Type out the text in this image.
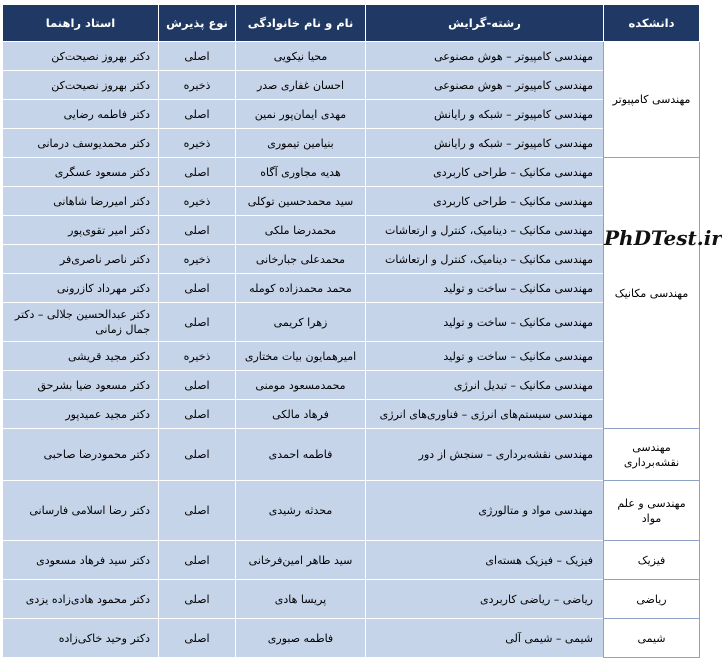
دانشکده	رشته-گرایش	نام و نام خانوادگی	نوع پذیرش	استاد راهنما
مهندسی کامپیوتر	مهندسی کامپیوتر – هوش مصنوعی	محیا نیکویی	اصلی	دکتر بهروز نصیحت‌کن
	مهندسی کامپیوتر – هوش مصنوعی	احسان غفاری صدر	ذخیره	دکتر بهروز نصیحت‌کن
	مهندسی کامپیوتر – شبکه و رایانش	مهدی ایمان‌پور نمین	اصلی	دکتر فاطمه رضایی
	مهندسی کامپیوتر – شبکه و رایانش	بنیامین تیموری	ذخیره	دکتر محمدیوسف درمانی
مهندسی مکانیک	مهندسی مکانیک – طراحی کاربردی	هدیه مجاوری آگاه	اصلی	دکتر مسعود عسگری
	مهندسی مکانیک – طراحی کاربردی	سید محمدحسین توکلی	ذخیره	دکتر امیررضا شاهانی
	مهندسی مکانیک – دینامیک، کنترل و ارتعاشات	محمدرضا ملکی	اصلی	دکتر امیر تقوی‌پور
	مهندسی مکانیک – دینامیک، کنترل و ارتعاشات	محمدعلی جبارخانی	ذخیره	دکتر ناصر ناصری‌فر
	مهندسی مکانیک – ساخت و تولید	محمد محمدزاده کومله	اصلی	دکتر مهرداد کازرونی
	مهندسی مکانیک – ساخت و تولید	زهرا کریمی	اصلی	دکتر عبدالحسین جلالی – دکتر جمال زمانی
	مهندسی مکانیک – ساخت و تولید	امیرهمایون بیات مختاری	ذخیره	دکتر مجید قریشی
	مهندسی مکانیک – تبدیل انرژی	محمدمسعود مومنی	اصلی	دکتر مسعود ضیا بشرحق
	مهندسی سیستم‌های انرژی – فناوری‌های انرژی	فرهاد مالکی	اصلی	دکتر مجید عمیدپور
مهندسی نقشه‌برداری	مهندسی نقشه‌برداری – سنجش از دور	فاطمه احمدی	اصلی	دکتر محمودرضا صاحبی
مهندسی و علم مواد	مهندسی مواد و متالورژی	محدثه رشیدی	اصلی	دکتر رضا اسلامی فارسانی
فیزیک	فیزیک – فیزیک هسته‌ای	سید طاهر امین‌فرخانی	اصلی	دکتر سید فرهاد مسعودی
ریاضی	ریاضی – ریاضی کاربردی	پریسا هادی	اصلی	دکتر محمود هادی‌زاده یزدی
شیمی	شیمی – شیمی آلی	فاطمه صبوری	اصلی	دکتر وحید خاکی‌زاده
PhDTest.ir
